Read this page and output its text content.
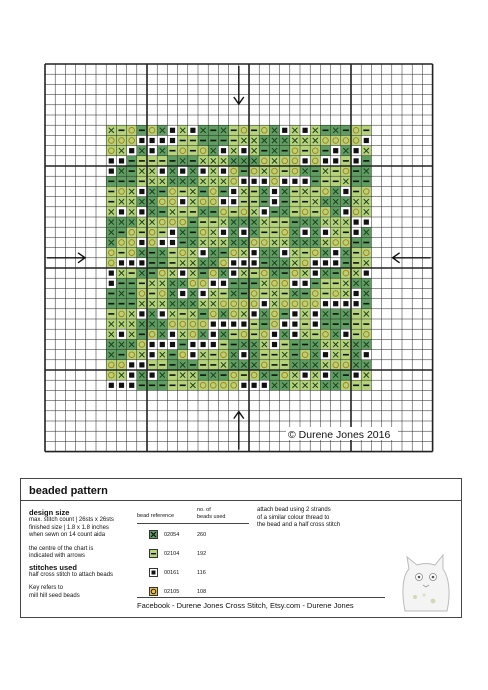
© Durene Jones 2016
beaded pattern
design size
max. stitch count | 26sts x 26sts
finished size | 1.8 x 1.8 inches
when sewn on 14 count aida
the centre of the chart is
indicated with arrows
stitches used
half cross stitch to attach beads
Key refers to
mill hill seed beads
bead reference
no. of
beads used
02054	260
02104	192
00161	116
02105	108
attach bead using 2 strands
of a similar colour thread to
the bead and a half cross stitch
Facebook - Durene Jones Cross Stitch, Etsy.com - Durene Jones
